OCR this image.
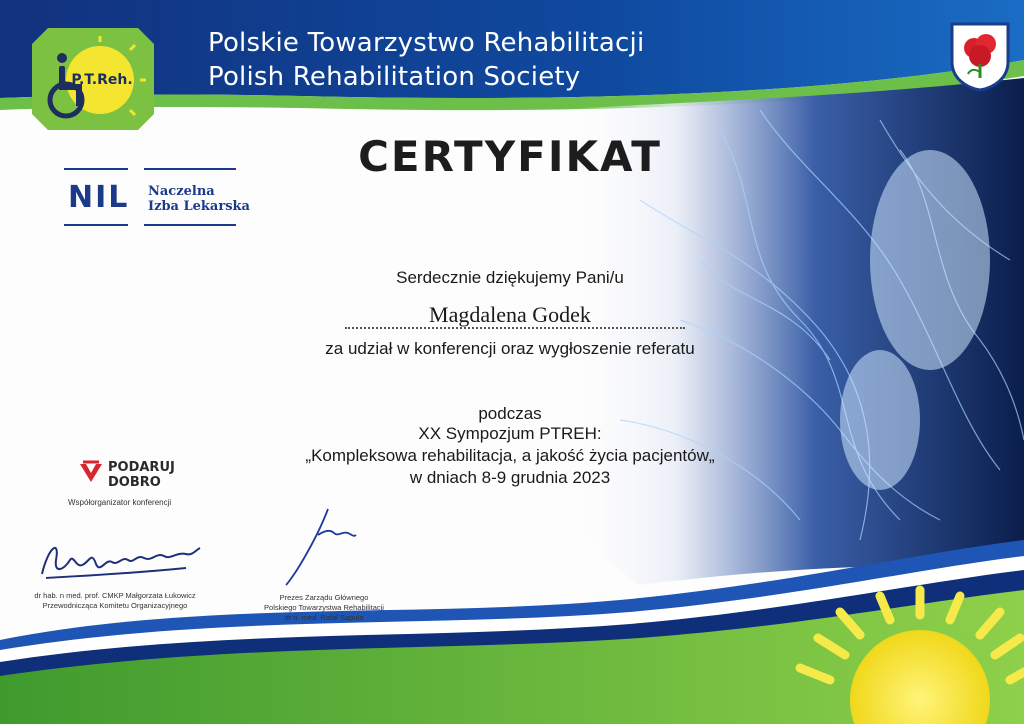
P.T.Reh.
Polskie Towarzystwo Rehabilitacji
Polish Rehabilitation Society
NIL Naczelna
Izba Lekarska
CERTYFIKAT
Serdecznie dziękujemy Pani/u
Magdalena Godek
za udział w konferencji oraz wygłoszenie referatu
podczas
XX Sympozjum PTREH:
„Kompleksowa rehabilitacja, a jakość życia pacjentów„
w dniach 8-9 grudnia 2023
PODARUJ
DOBRO
Współorganizator konferencji
dr hab. n med. prof. CMKP Małgorzata Łukowicz
Przewodnicząca Komitetu Organizacyjnego
Prezes Zarządu Głównego
Polskiego Towarzystwa Rehabilitacji
dr n. med. Rafał Sapuła
